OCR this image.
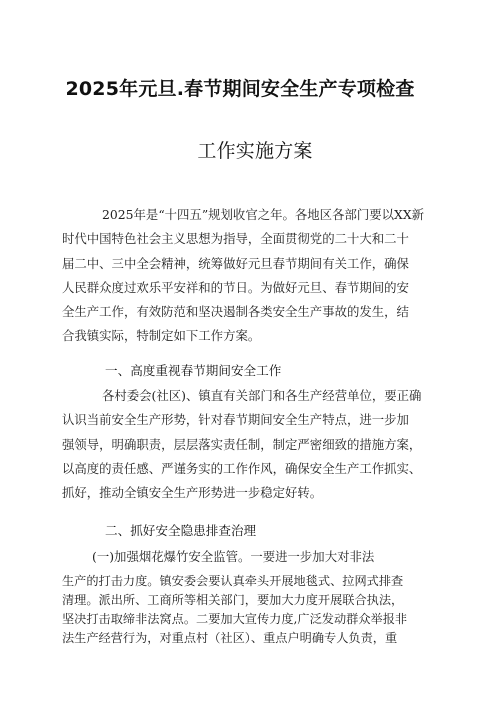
2025年元旦.春节期间安全生产专项检查
工作实施方案
2025年是“十四五”规划收官之年。各地区各部门要以XX新
时代中国特色社会主义思想为指导，全面贯彻党的二十大和二十
届二中、三中全会精神，统筹做好元旦春节期间有关工作，确保
人民群众度过欢乐平安祥和的节日。为做好元旦、春节期间的安
全生产工作，有效防范和坚决遏制各类安全生产事故的发生，结
合我镇实际，特制定如下工作方案。
一、高度重视春节期间安全工作
各村委会(社区)、镇直有关部门和各生产经营单位，要正确
认识当前安全生产形势，针对春节期间安全生产特点，进一步加
强领导，明确职责，层层落实责任制，制定严密细致的措施方案，
以高度的责任感、严谨务实的工作作风，确保安全生产工作抓实、
抓好，推动全镇安全生产形势进一步稳定好转。
二、抓好安全隐患排查治理
(一)加强烟花爆竹安全监管。一要进一步加大对非法
生产的打击力度。镇安委会要认真牵头开展地毯式、拉网式排查
清理。派出所、工商所等相关部门，要加大力度开展联合执法，
坚决打击取缔非法窝点。二要加大宣传力度,广泛发动群众举报非
法生产经营行为，对重点村（社区）、重点户明确专人负责，重
